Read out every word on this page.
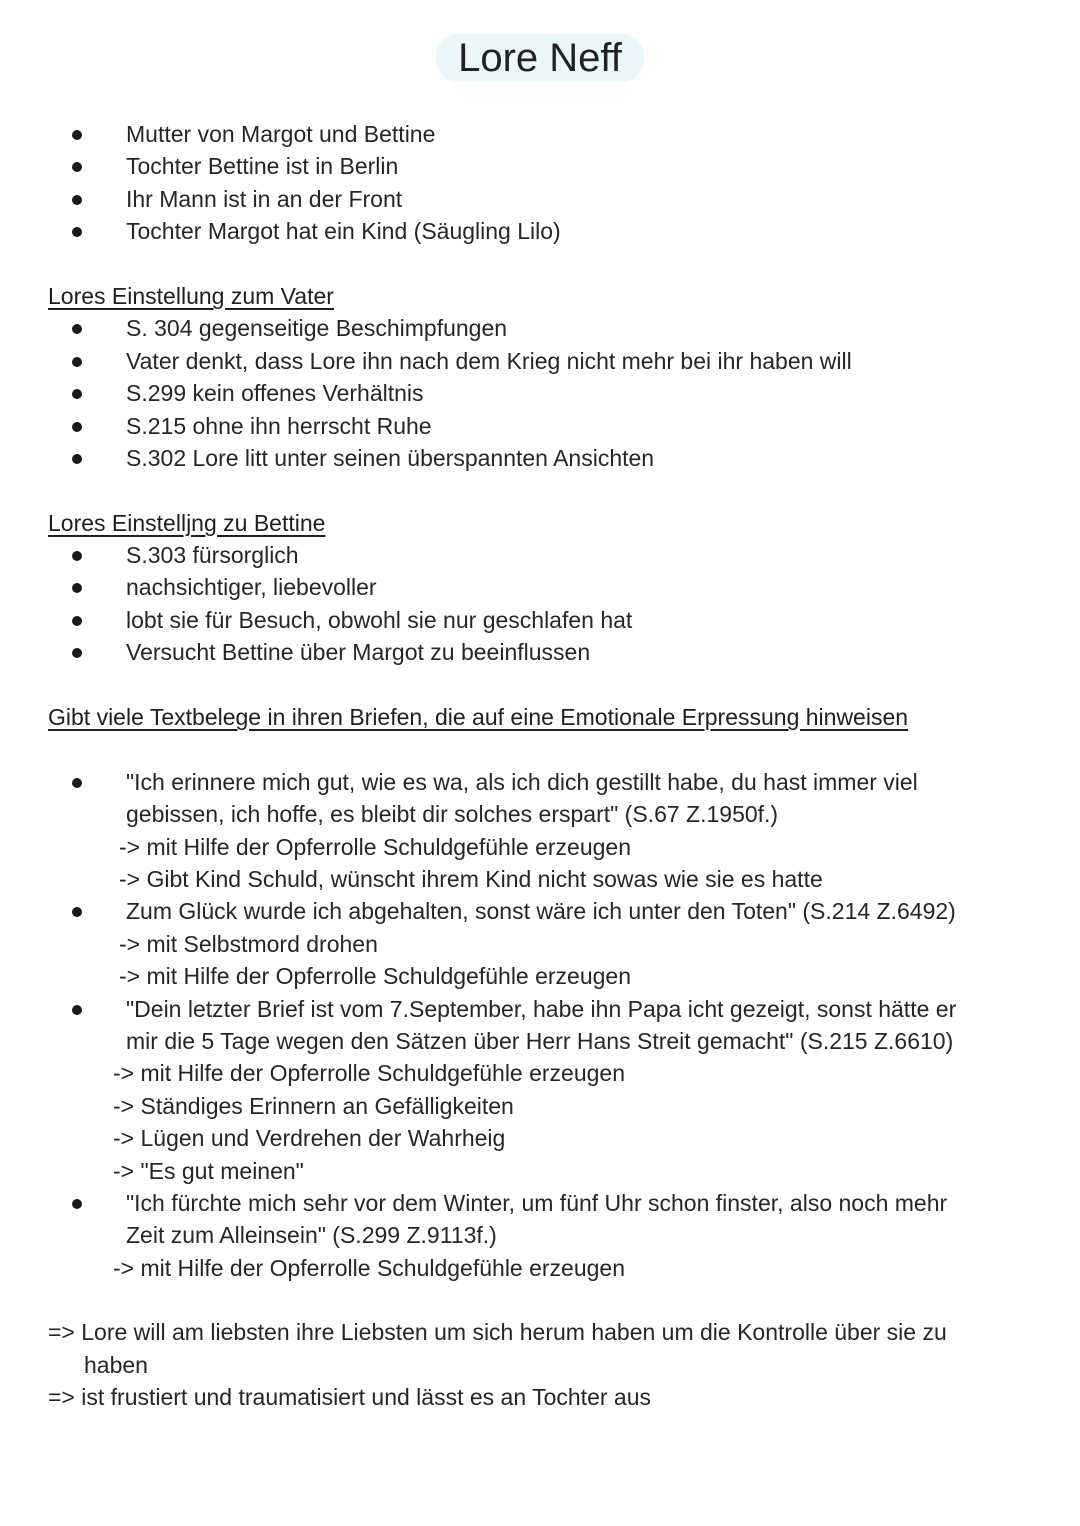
Lore Neff
Mutter von Margot und Bettine
Tochter Bettine ist in Berlin
Ihr Mann ist in an der Front
Tochter Margot hat ein Kind (Säugling Lilo)
Lores Einstellung zum Vater
S. 304 gegenseitige Beschimpfungen
Vater denkt, dass Lore ihn nach dem Krieg nicht mehr bei ihr haben will
S.299 kein offenes Verhältnis
S.215 ohne ihn herrscht Ruhe
S.302 Lore litt unter seinen überspannten Ansichten
Lores Einstelljng zu Bettine
S.303 fürsorglich
nachsichtiger, liebevoller
lobt sie für Besuch, obwohl sie nur geschlafen hat
Versucht Bettine über Margot zu beeinflussen
Gibt viele Textbelege in ihren Briefen, die auf eine Emotionale Erpressung hinweisen
"Ich erinnere mich gut, wie es wa, als ich dich gestillt habe, du hast immer viel
gebissen, ich hoffe, es bleibt dir solches erspart" (S.67 Z.1950f.)
-> mit Hilfe der Opferrolle Schuldgefühle erzeugen
-> Gibt Kind Schuld, wünscht ihrem Kind nicht sowas wie sie es hatte
Zum Glück wurde ich abgehalten, sonst wäre ich unter den Toten" (S.214 Z.6492)
-> mit Selbstmord drohen
-> mit Hilfe der Opferrolle Schuldgefühle erzeugen
"Dein letzter Brief ist vom 7.September, habe ihn Papa icht gezeigt, sonst hätte er
mir die 5 Tage wegen den Sätzen über Herr Hans Streit gemacht" (S.215 Z.6610)
-> mit Hilfe der Opferrolle Schuldgefühle erzeugen
-> Ständiges Erinnern an Gefälligkeiten
-> Lügen und Verdrehen der Wahrheig
-> "Es gut meinen"
"Ich fürchte mich sehr vor dem Winter, um fünf Uhr schon finster, also noch mehr
Zeit zum Alleinsein" (S.299 Z.9113f.)
-> mit Hilfe der Opferrolle Schuldgefühle erzeugen
=> Lore will am liebsten ihre Liebsten um sich herum haben um die Kontrolle über sie zu
haben
=> ist frustiert und traumatisiert und lässt es an Tochter aus
